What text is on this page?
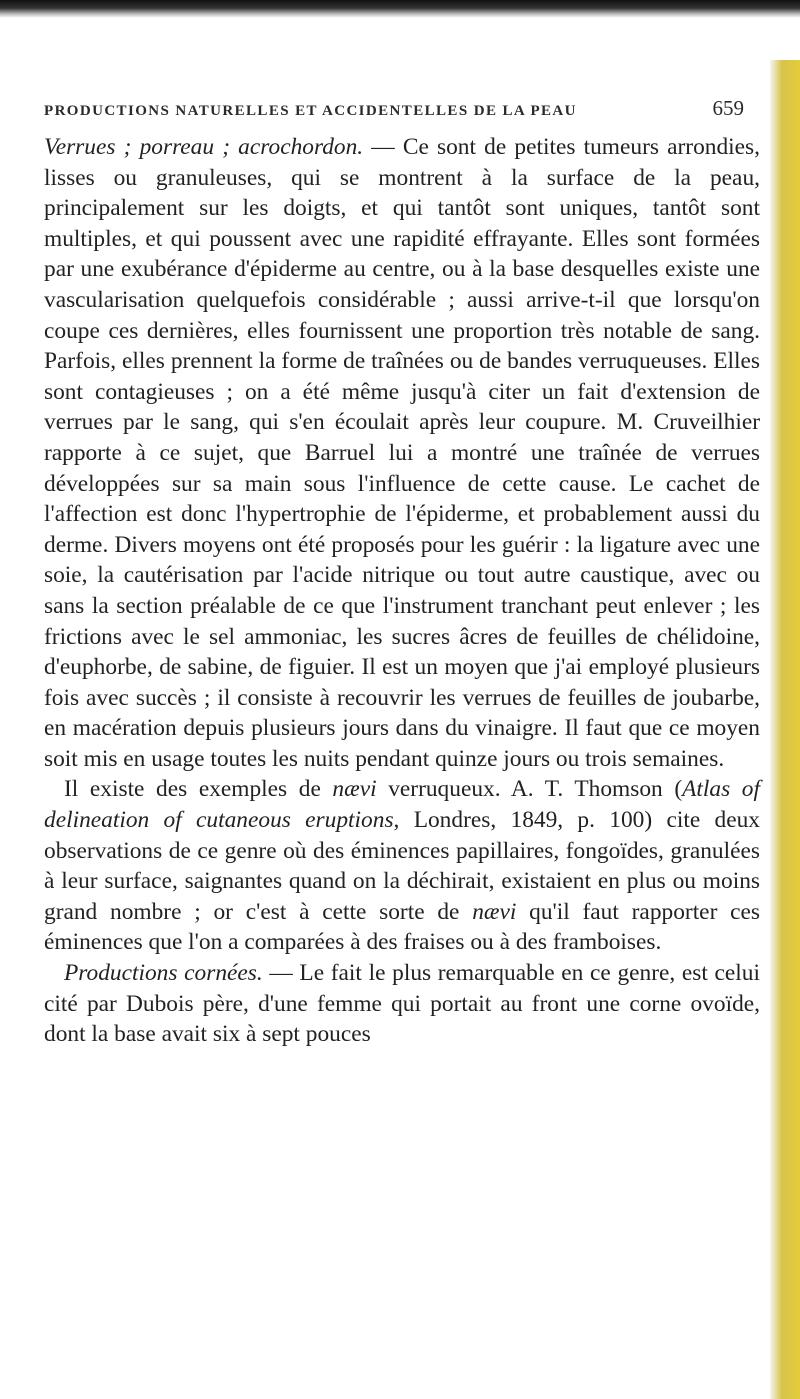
PRODUCTIONS NATURELLES ET ACCIDENTELLES DE LA PEAU	659

Verrues ; porreau ; acrochordon. — Ce sont de petites tumeurs arrondies, lisses ou granuleuses, qui se montrent à la surface de la peau, principalement sur les doigts, et qui tantôt sont uniques, tantôt sont multiples, et qui poussent avec une rapidité effrayante. Elles sont formées par une exubérance d'épiderme au centre, ou à la base desquelles existe une vascularisation quelquefois considérable ; aussi arrive-t-il que lorsqu'on coupe ces dernières, elles fournissent une proportion très notable de sang. Parfois, elles prennent la forme de traînées ou de bandes verruqueuses. Elles sont contagieuses ; on a été même jusqu'à citer un fait d'extension de verrues par le sang, qui s'en écoulait après leur coupure. M. Cruveilhier rapporte à ce sujet, que Barruel lui a montré une traînée de verrues développées sur sa main sous l'influence de cette cause. Le cachet de l'affection est donc l'hypertrophie de l'épiderme, et probablement aussi du derme. Divers moyens ont été proposés pour les guérir : la ligature avec une soie, la cautérisation par l'acide nitrique ou tout autre caustique, avec ou sans la section préalable de ce que l'instrument tranchant peut enlever ; les frictions avec le sel ammoniac, les sucres âcres de feuilles de chélidoine, d'euphorbe, de sabine, de figuier. Il est un moyen que j'ai employé plusieurs fois avec succès ; il consiste à recouvrir les verrues de feuilles de joubarbe, en macération depuis plusieurs jours dans du vinaigre. Il faut que ce moyen soit mis en usage toutes les nuits pendant quinze jours ou trois semaines.

Il existe des exemples de nævi verruqueux. A. T. Thomson (Atlas of delineation of cutaneous eruptions, Londres, 1849, p. 100) cite deux observations de ce genre où des éminences papillaires, fongoïdes, granulées à leur surface, saignantes quand on la déchirait, existaient en plus ou moins grand nombre ; or c'est à cette sorte de nævi qu'il faut rapporter ces éminences que l'on a comparées à des fraises ou à des framboises.

Productions cornées. — Le fait le plus remarquable en ce genre, est celui cité par Dubois père, d'une femme qui portait au front une corne ovoïde, dont la base avait six à sept pouces
